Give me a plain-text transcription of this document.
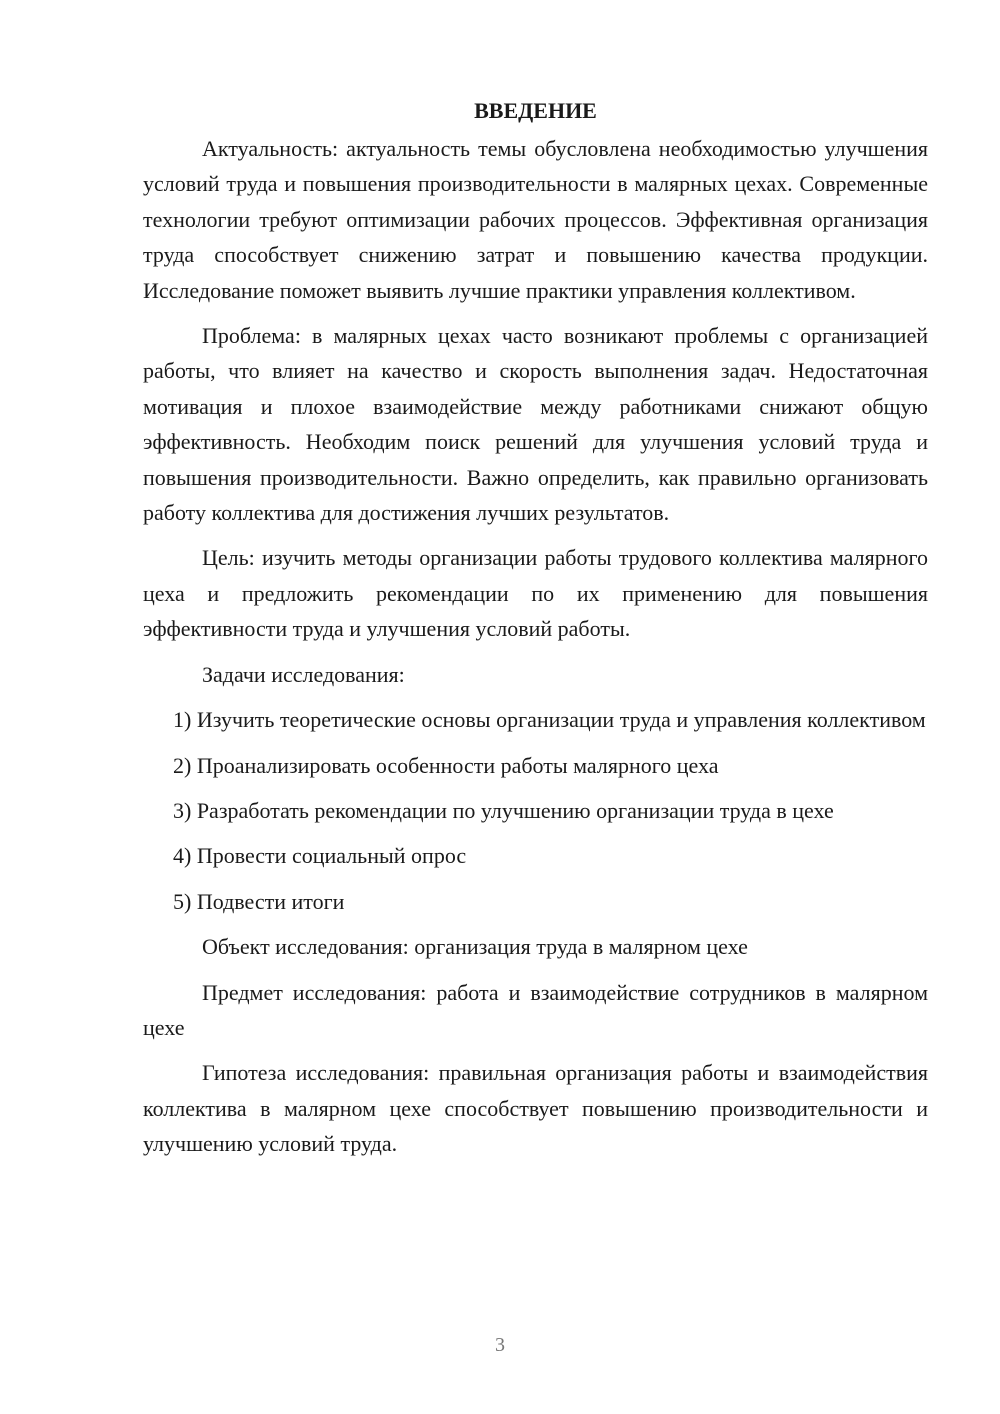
ВВЕДЕНИЕ

Актуальность: актуальность темы обусловлена необходимостью улучшения условий труда и повышения производительности в малярных цехах. Современные технологии требуют оптимизации рабочих процессов. Эффективная организация труда способствует снижению затрат и повышению качества продукции. Исследование поможет выявить лучшие практики управления коллективом.

Проблема: в малярных цехах часто возникают проблемы с организацией работы, что влияет на качество и скорость выполнения задач. Недостаточная мотивация и плохое взаимодействие между работниками снижают общую эффективность. Необходим поиск решений для улучшения условий труда и повышения производительности. Важно определить, как правильно организовать работу коллектива для достижения лучших результатов.

Цель: изучить методы организации работы трудового коллектива малярного цеха и предложить рекомендации по их применению для повышения эффективности труда и улучшения условий работы.

Задачи исследования:

1) Изучить теоретические основы организации труда и управления коллективом

2) Проанализировать особенности работы малярного цеха

3) Разработать рекомендации по улучшению организации труда в цехе

4) Провести социальный опрос

5) Подвести итоги

Объект исследования: организация труда в малярном цехе

Предмет исследования: работа и взаимодействие сотрудников в малярном цехе

Гипотеза исследования: правильная организация работы и взаимодействия коллектива в малярном цехе способствует повышению производительности и улучшению условий труда.

3
